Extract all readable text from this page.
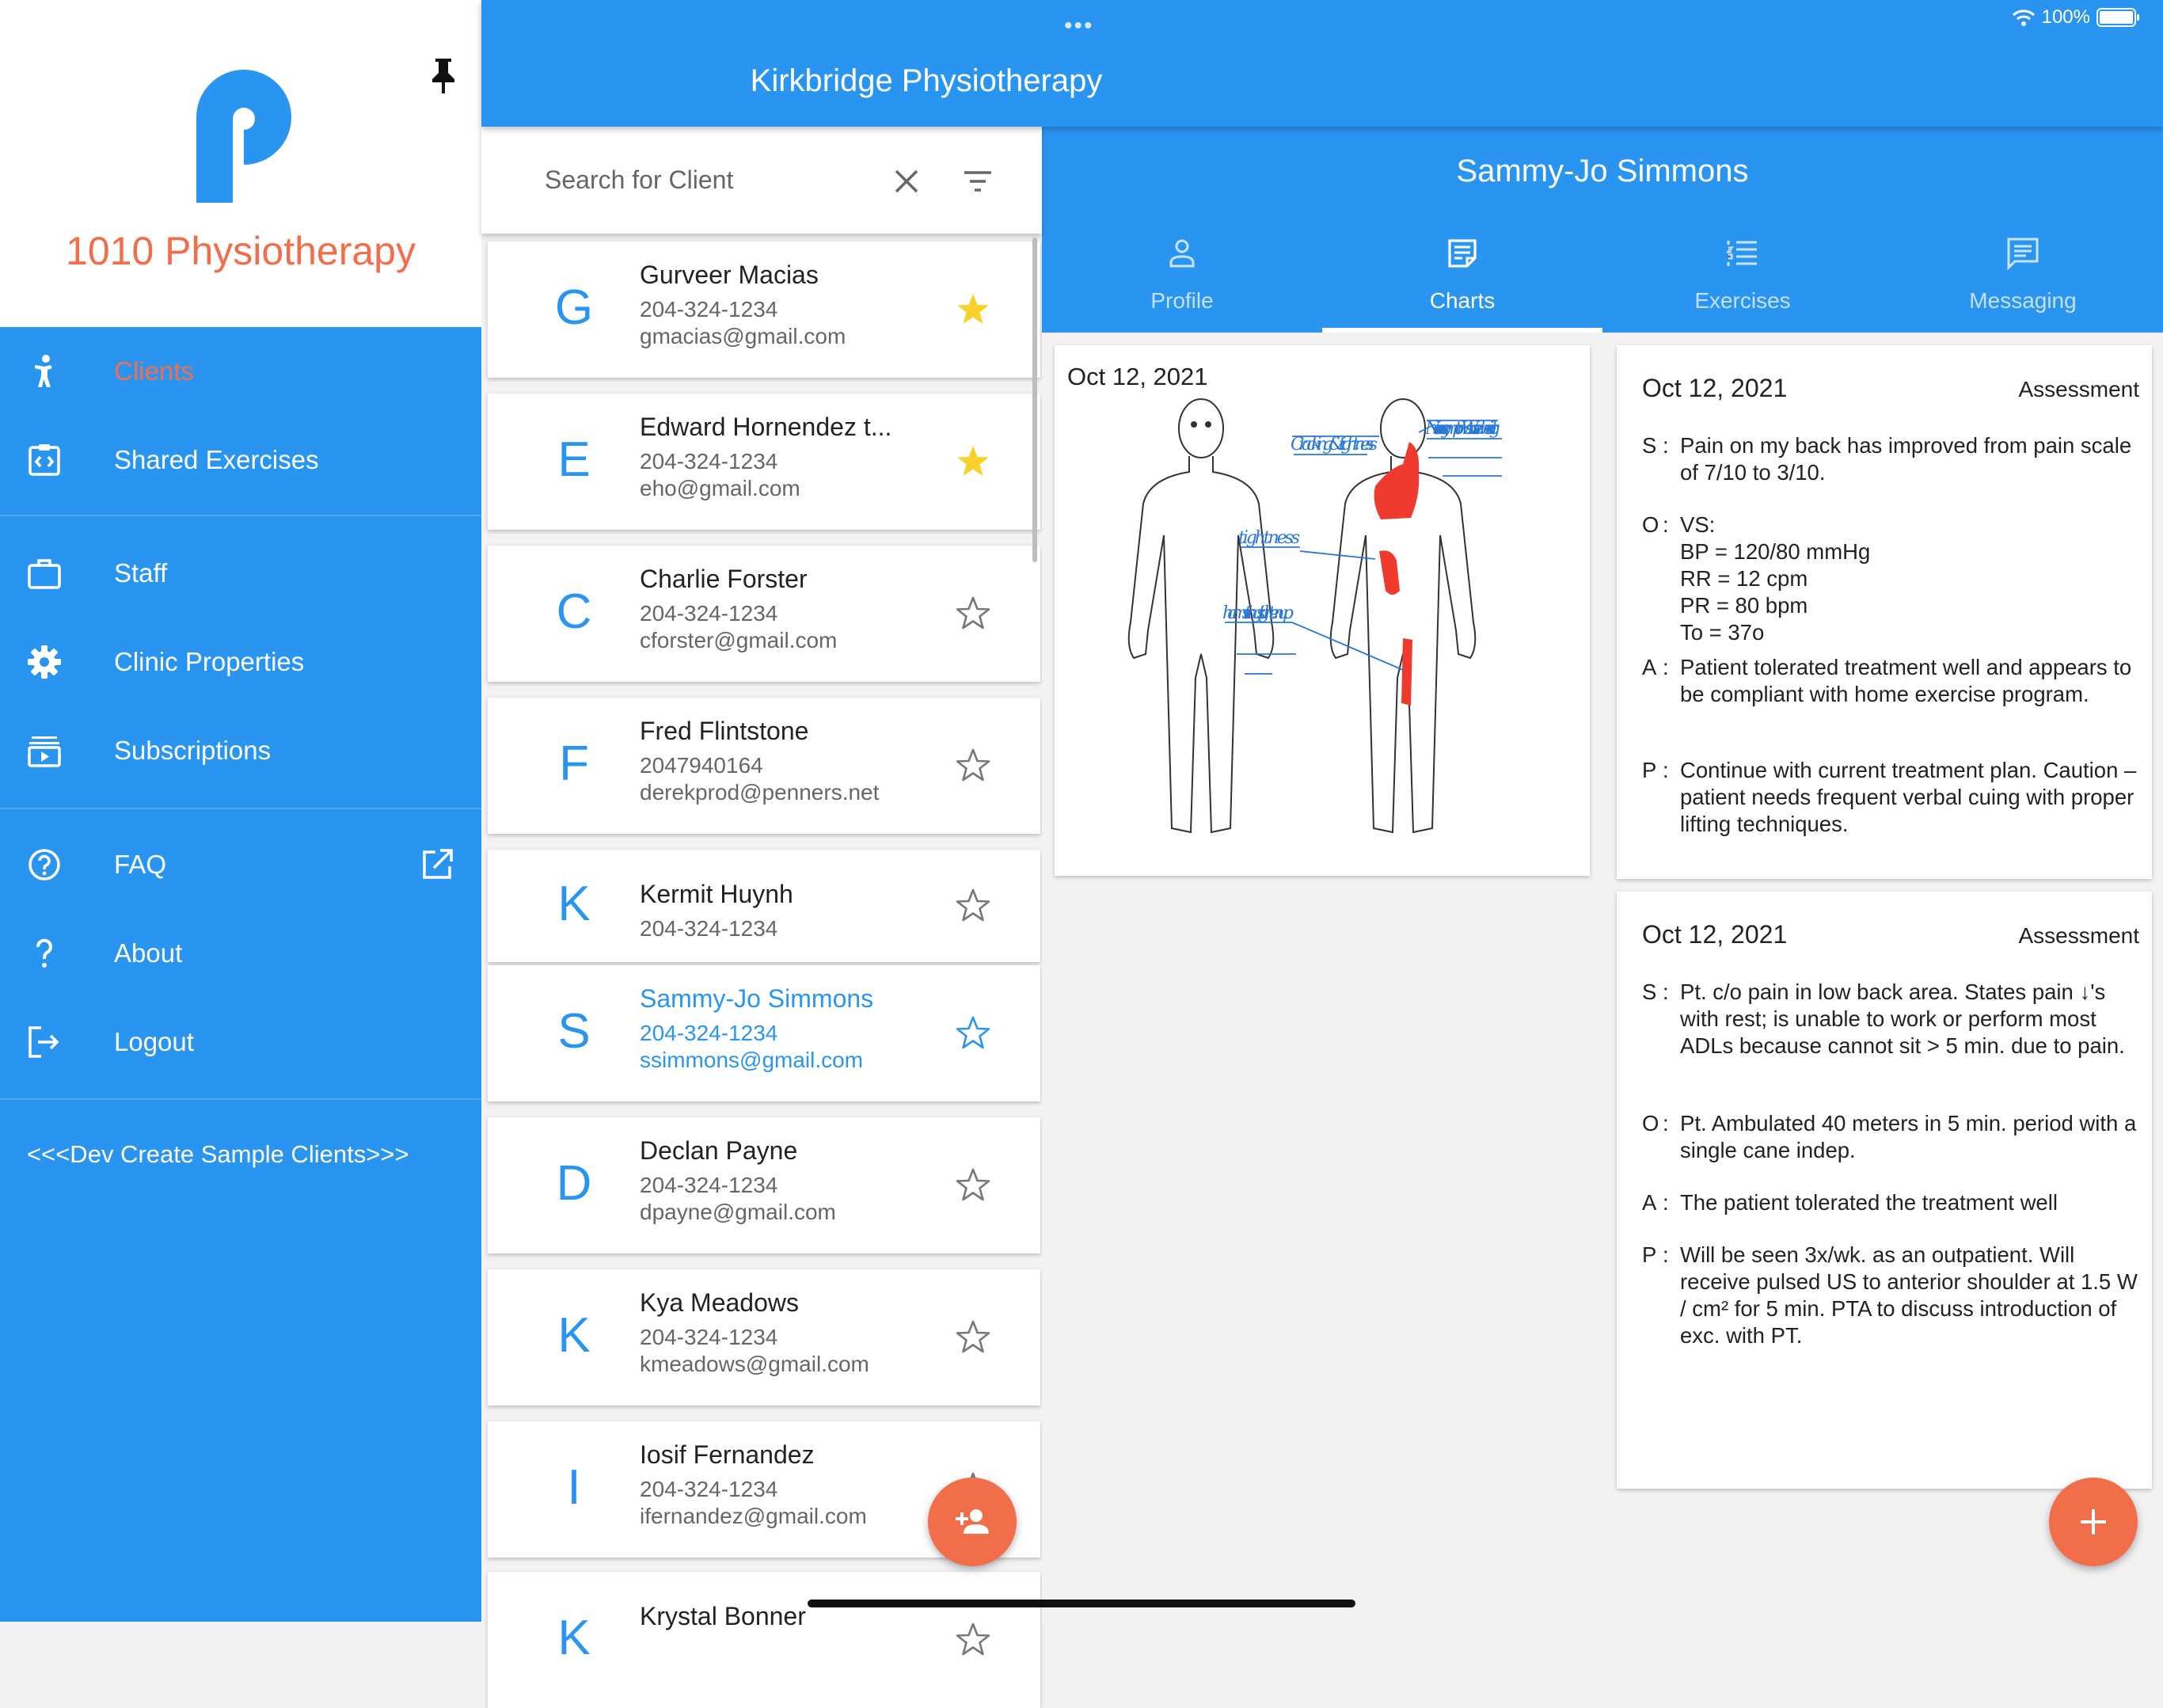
1010 Physiotherapy
Clients
Shared Exercises
Staff
Clinic Properties
Subscriptions
FAQ
About
Logout
<<<Dev Create Sample Clients>>>
•••
Kirkbridge Physiotherapy
100%
Search for Client
G
Gurveer Macias
204-324-1234
gmacias@gmail.com
E
Edward Hornendez t...
204-324-1234
eho@gmail.com
C
Charlie Forster
204-324-1234
cforster@gmail.com
F
Fred Flintstone
2047940164
derekprod@penners.net
K	Kermit Huynh
204-324-1234
S
Sammy-Jo Simmons
204-324-1234
ssimmons@gmail.com
D
Declan Payne
204-324-1234
dpayne@gmail.com
K
Kya Meadows
204-324-1234
kmeadows@gmail.com
I
Iosif Fernandez
204-324-1234
ifernandez@gmail.com
K	Krystal Bonner
Sammy-Jo Simmons
Profile	Charts	Exercises	Messaging
Oct 12, 2021
Cracking & tightness
Nuisance symptoms. Worse when driving
tightness
hamstrings tighten up
Oct 12, 2021	Assessment
S : Pain on my back has improved from pain scale of 7/10 to 3/10.
O : VS:
BP = 120/80 mmHg
RR = 12 cpm
PR = 80 bpm
To = 37o
A : Patient tolerated treatment well and appears to be compliant with home exercise program.
P : Continue with current treatment plan. Caution – patient needs frequent verbal cuing with proper lifting techniques.
Oct 12, 2021	Assessment
S : Pt. c/o pain in low back area. States pain ↓'s with rest; is unable to work or perform most ADLs because cannot sit > 5 min. due to pain.
O : Pt. Ambulated 40 meters in 5 min. period with a single cane indep.
A : The patient tolerated the treatment well
P : Will be seen 3x/wk. as an outpatient. Will receive pulsed US to anterior shoulder at 1.5 W / cm² for 5 min. PTA to discuss introduction of exc. with PT.
